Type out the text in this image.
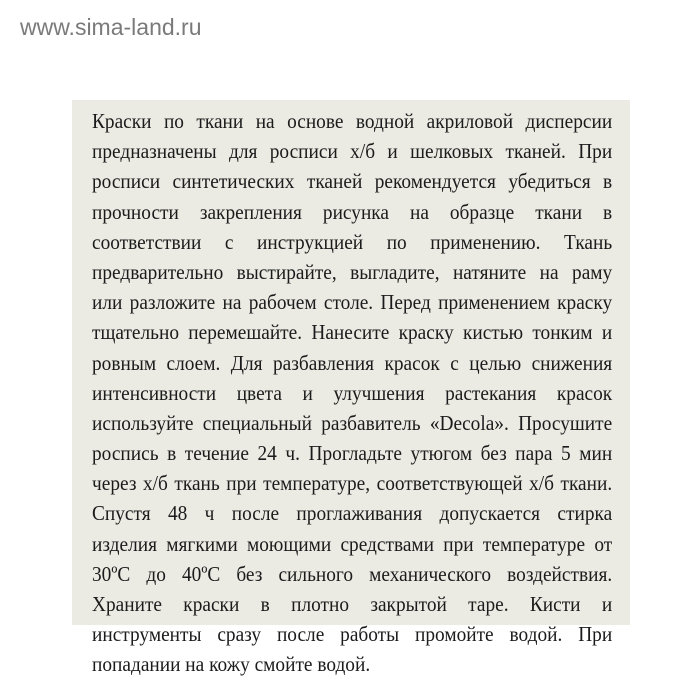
www.sima-land.ru
Краски по ткани на основе водной акриловой дисперсии
предназначены для росписи х/б и шелковых тканей. При
росписи синтетических тканей рекомендуется убедиться в
прочности закрепления рисунка на образце ткани в
соответствии с инструкцией по применению. Ткань
предварительно выстирайте, выгладите, натяните на раму
или разложите на рабочем столе. Перед применением краску
тщательно перемешайте. Нанесите краску кистью тонким и
ровным слоем. Для разбавления красок с целью снижения
интенсивности цвета и улучшения растекания красок
используйте специальный разбавитель «Decola». Просушите
роспись в течение 24 ч. Прогладьте утюгом без пара 5 мин
через х/б ткань при температуре, соответствующей х/б ткани.
Спустя 48 ч после проглаживания допускается стирка
изделия мягкими моющими средствами при температуре от
30ºС до 40ºС без сильного механического воздействия.
Храните краски в плотно закрытой таре. Кисти и
инструменты сразу после работы промойте водой. При
попадании на кожу смойте водой.
